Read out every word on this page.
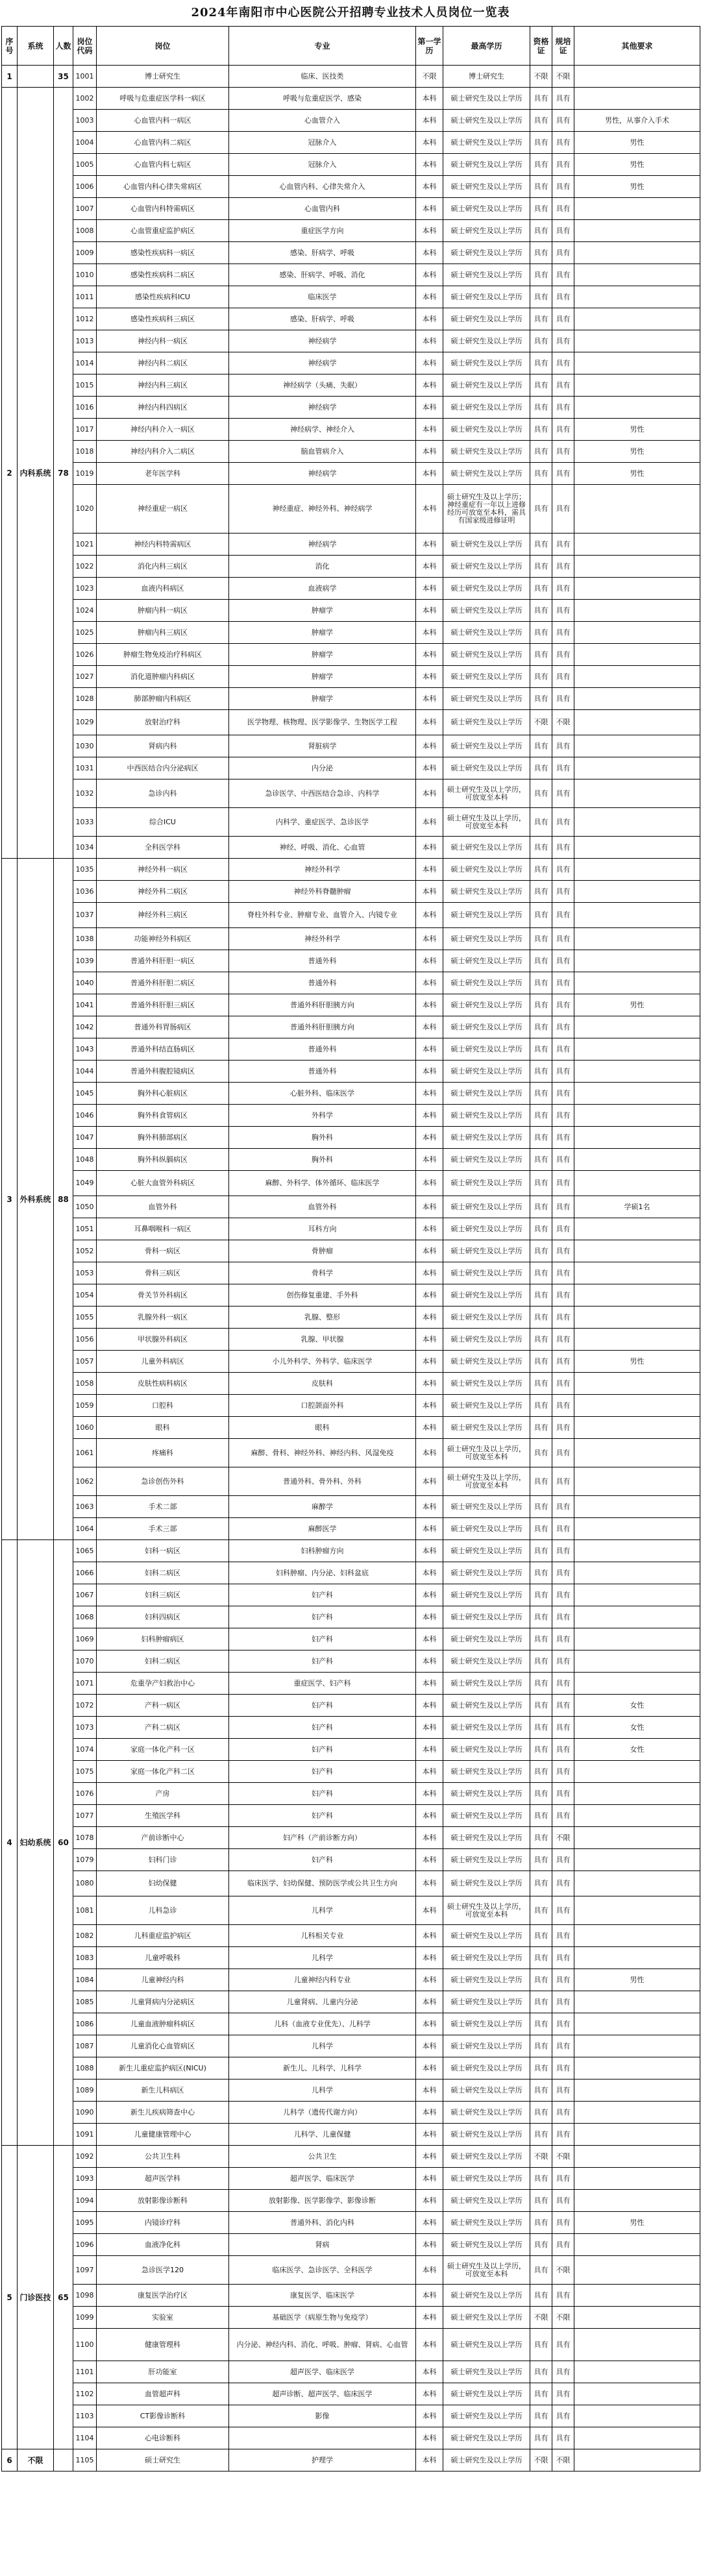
2024年南阳市中心医院公开招聘专业技术人员岗位一览表
序号	系统	人数	岗位代码	岗位	专业	第一学历	最高学历	资格证	规培证	其他要求
1		35	1001	博士研究生	临床、医技类	不限	博士研究生	不限	不限	
2	内科系统	78	1002	呼吸与危重症医学科一病区	呼吸与危重症医学、感染	本科	硕士研究生及以上学历	具有	具有	
			1003	心血管内科一病区	心血管介入	本科	硕士研究生及以上学历	具有	具有	男性，从事介入手术
			1004	心血管内科二病区	冠脉介入	本科	硕士研究生及以上学历	具有	具有	男性
			1005	心血管内科七病区	冠脉介入	本科	硕士研究生及以上学历	具有	具有	男性
			1006	心血管内科心律失常病区	心血管内科、心律失常介入	本科	硕士研究生及以上学历	具有	具有	男性
			1007	心血管内科特需病区	心血管内科	本科	硕士研究生及以上学历	具有	具有	
			1008	心血管重症监护病区	重症医学方向	本科	硕士研究生及以上学历	具有	具有	
			1009	感染性疾病科一病区	感染、肝病学、呼吸	本科	硕士研究生及以上学历	具有	具有	
			1010	感染性疾病科二病区	感染、肝病学、呼吸、消化	本科	硕士研究生及以上学历	具有	具有	
			1011	感染性疾病科ICU	临床医学	本科	硕士研究生及以上学历	具有	具有	
			1012	感染性疾病科三病区	感染、肝病学、呼吸	本科	硕士研究生及以上学历	具有	具有	
			1013	神经内科一病区	神经病学	本科	硕士研究生及以上学历	具有	具有	
			1014	神经内科二病区	神经病学	本科	硕士研究生及以上学历	具有	具有	
			1015	神经内科三病区	神经病学（头痛、失眠）	本科	硕士研究生及以上学历	具有	具有	
			1016	神经内科四病区	神经病学	本科	硕士研究生及以上学历	具有	具有	
			1017	神经内科介入一病区	神经病学、神经介入	本科	硕士研究生及以上学历	具有	具有	男性
			1018	神经内科介入二病区	脑血管病介入	本科	硕士研究生及以上学历	具有	具有	男性
			1019	老年医学科	神经病学	本科	硕士研究生及以上学历	具有	具有	男性
			1020	神经重症一病区	神经重症、神经外科、神经病学	本科	硕士研究生及以上学历；神经重症有一年以上进修经历可放宽至本科，需具有国家级进修证明	具有	具有	
			1021	神经内科特需病区	神经病学	本科	硕士研究生及以上学历	具有	具有	
			1022	消化内科三病区	消化	本科	硕士研究生及以上学历	具有	具有	
			1023	血液内科病区	血液病学	本科	硕士研究生及以上学历	具有	具有	
			1024	肿瘤内科一病区	肿瘤学	本科	硕士研究生及以上学历	具有	具有	
			1025	肿瘤内科三病区	肿瘤学	本科	硕士研究生及以上学历	具有	具有	
			1026	肿瘤生物免疫治疗科病区	肿瘤学	本科	硕士研究生及以上学历	具有	具有	
			1027	消化道肿瘤内科病区	肿瘤学	本科	硕士研究生及以上学历	具有	具有	
			1028	肺部肿瘤内科病区	肿瘤学	本科	硕士研究生及以上学历	具有	具有	
			1029	放射治疗科	医学物理、核物理、医学影像学、生物医学工程	本科	硕士研究生及以上学历	不限	不限	
			1030	肾病内科	肾脏病学	本科	硕士研究生及以上学历	具有	具有	
			1031	中西医结合内分泌病区	内分泌	本科	硕士研究生及以上学历	具有	具有	
			1032	急诊内科	急诊医学、中西医结合急诊、内科学	本科	硕士研究生及以上学历，可放宽至本科	具有	具有	
			1033	综合ICU	内科学、重症医学、急诊医学	本科	硕士研究生及以上学历，可放宽至本科	具有	具有	
			1034	全科医学科	神经、呼吸、消化、心血管	本科	硕士研究生及以上学历	具有	具有	
3	外科系统	88	1035	神经外科一病区	神经外科学	本科	硕士研究生及以上学历	具有	具有	
			1036	神经外科二病区	神经外科脊髓肿瘤	本科	硕士研究生及以上学历	具有	具有	
			1037	神经外科三病区	脊柱外科专业、肿瘤专业、血管介入、内镜专业	本科	硕士研究生及以上学历	具有	具有	
			1038	功能神经外科病区	神经外科学	本科	硕士研究生及以上学历	具有	具有	
			1039	普通外科肝胆一病区	普通外科	本科	硕士研究生及以上学历	具有	具有	
			1040	普通外科肝胆二病区	普通外科	本科	硕士研究生及以上学历	具有	具有	
			1041	普通外科肝胆三病区	普通外科肝胆胰方向	本科	硕士研究生及以上学历	具有	具有	男性
			1042	普通外科胃肠病区	普通外科肝胆胰方向	本科	硕士研究生及以上学历	具有	具有	
			1043	普通外科结直肠病区	普通外科	本科	硕士研究生及以上学历	具有	具有	
			1044	普通外科腹腔镜病区	普通外科	本科	硕士研究生及以上学历	具有	具有	
			1045	胸外科心脏病区	心脏外科、临床医学	本科	硕士研究生及以上学历	具有	具有	
			1046	胸外科食管病区	外科学	本科	硕士研究生及以上学历	具有	具有	
			1047	胸外科肺部病区	胸外科	本科	硕士研究生及以上学历	具有	具有	
			1048	胸外科纵膈病区	胸外科	本科	硕士研究生及以上学历	具有	具有	
			1049	心脏大血管外科病区	麻醉、外科学、体外循环、临床医学	本科	硕士研究生及以上学历	具有	具有	
			1050	血管外科	血管外科	本科	硕士研究生及以上学历	具有	具有	学硕1名
			1051	耳鼻咽喉科一病区	耳科方向	本科	硕士研究生及以上学历	具有	具有	
			1052	骨科一病区	骨肿瘤	本科	硕士研究生及以上学历	具有	具有	
			1053	骨科三病区	骨科学	本科	硕士研究生及以上学历	具有	具有	
			1054	骨关节外科病区	创伤修复重建、手外科	本科	硕士研究生及以上学历	具有	具有	
			1055	乳腺外科一病区	乳腺、整形	本科	硕士研究生及以上学历	具有	具有	
			1056	甲状腺外科病区	乳腺、甲状腺	本科	硕士研究生及以上学历	具有	具有	
			1057	儿童外科病区	小儿外科学、外科学、临床医学	本科	硕士研究生及以上学历	具有	具有	男性
			1058	皮肤性病科病区	皮肤科	本科	硕士研究生及以上学历	具有	具有	
			1059	口腔科	口腔颌面外科	本科	硕士研究生及以上学历	具有	具有	
			1060	眼科	眼科	本科	硕士研究生及以上学历	具有	具有	
			1061	疼痛科	麻醉、骨科、神经外科、神经内科、风湿免疫	本科	硕士研究生及以上学历，可放宽至本科	具有	具有	
			1062	急诊创伤外科	普通外科、骨外科、外科	本科	硕士研究生及以上学历，可放宽至本科	具有	具有	
			1063	手术二部	麻醉学	本科	硕士研究生及以上学历	具有	具有	
			1064	手术三部	麻醉医学	本科	硕士研究生及以上学历	具有	具有	
4	妇幼系统	60	1065	妇科一病区	妇科肿瘤方向	本科	硕士研究生及以上学历	具有	具有	
			1066	妇科二病区	妇科肿瘤、内分泌、妇科盆底	本科	硕士研究生及以上学历	具有	具有	
			1067	妇科三病区	妇产科	本科	硕士研究生及以上学历	具有	具有	
			1068	妇科四病区	妇产科	本科	硕士研究生及以上学历	具有	具有	
			1069	妇科肿瘤病区	妇产科	本科	硕士研究生及以上学历	具有	具有	
			1070	妇科二病区	妇产科	本科	硕士研究生及以上学历	具有	具有	
			1071	危重孕产妇救治中心	重症医学、妇产科	本科	硕士研究生及以上学历	具有	具有	
			1072	产科一病区	妇产科	本科	硕士研究生及以上学历	具有	具有	女性
			1073	产科二病区	妇产科	本科	硕士研究生及以上学历	具有	具有	女性
			1074	家庭一体化产科一区	妇产科	本科	硕士研究生及以上学历	具有	具有	女性
			1075	家庭一体化产科二区	妇产科	本科	硕士研究生及以上学历	具有	具有	
			1076	产房	妇产科	本科	硕士研究生及以上学历	具有	具有	
			1077	生殖医学科	妇产科	本科	硕士研究生及以上学历	具有	具有	
			1078	产前诊断中心	妇产科（产前诊断方向）	本科	硕士研究生及以上学历	具有	不限	
			1079	妇科门诊	妇产科	本科	硕士研究生及以上学历	具有	具有	
			1080	妇幼保健	临床医学、妇幼保健、预防医学或公共卫生方向	本科	硕士研究生及以上学历	具有	具有	
			1081	儿科急诊	儿科学	本科	硕士研究生及以上学历，可放宽至本科	具有	具有	
			1082	儿科重症监护病区	儿科相关专业	本科	硕士研究生及以上学历	具有	具有	
			1083	儿童呼吸科	儿科学	本科	硕士研究生及以上学历	具有	具有	
			1084	儿童神经内科	儿童神经内科专业	本科	硕士研究生及以上学历	具有	具有	男性
			1085	儿童肾病内分泌病区	儿童肾病、儿童内分泌	本科	硕士研究生及以上学历	具有	具有	
			1086	儿童血液肿瘤科病区	儿科（血液专业优先）、儿科学	本科	硕士研究生及以上学历	具有	具有	
			1087	儿童消化心血管病区	儿科学	本科	硕士研究生及以上学历	具有	具有	
			1088	新生儿重症监护病区(NICU)	新生儿、儿科学、儿科学	本科	硕士研究生及以上学历	具有	具有	
			1089	新生儿科病区	儿科学	本科	硕士研究生及以上学历	具有	具有	
			1090	新生儿疾病筛查中心	儿科学（遗传代谢方向）	本科	硕士研究生及以上学历	具有	具有	
			1091	儿童健康管理中心	儿科学、儿童保健	本科	硕士研究生及以上学历	具有	具有	
5	门诊医技	65	1092	公共卫生科	公共卫生	本科	硕士研究生及以上学历	不限	不限	
			1093	超声医学科	超声医学、临床医学	本科	硕士研究生及以上学历	具有	具有	
			1094	放射影像诊断科	放射影像、医学影像学、影像诊断	本科	硕士研究生及以上学历	具有	具有	
			1095	内镜诊疗科	普通外科、消化内科	本科	硕士研究生及以上学历	具有	具有	男性
			1096	血液净化科	肾病	本科	硕士研究生及以上学历	具有	具有	
			1097	急诊医学120	临床医学、急诊医学、全科医学	本科	硕士研究生及以上学历，可放宽至本科	具有	不限	
			1098	康复医学治疗区	康复医学、临床医学	本科	硕士研究生及以上学历	具有	具有	
			1099	实验室	基础医学（病原生物与免疫学）	本科	硕士研究生及以上学历	不限	不限	
			1100	健康管理科	内分泌、神经内科、消化、呼吸、肿瘤、肾病、心血管	本科	硕士研究生及以上学历	具有	具有	
			1101	肝功能室	超声医学、临床医学	本科	硕士研究生及以上学历	具有	具有	
			1102	血管超声科	超声诊断、超声医学、临床医学	本科	硕士研究生及以上学历	具有	具有	
			1103	CT影像诊断科	影像	本科	硕士研究生及以上学历	具有	具有	
			1104	心电诊断科		本科	硕士研究生及以上学历	具有	具有	
6	不限		1105	硕士研究生	护理学	本科	硕士研究生及以上学历	不限	不限	
